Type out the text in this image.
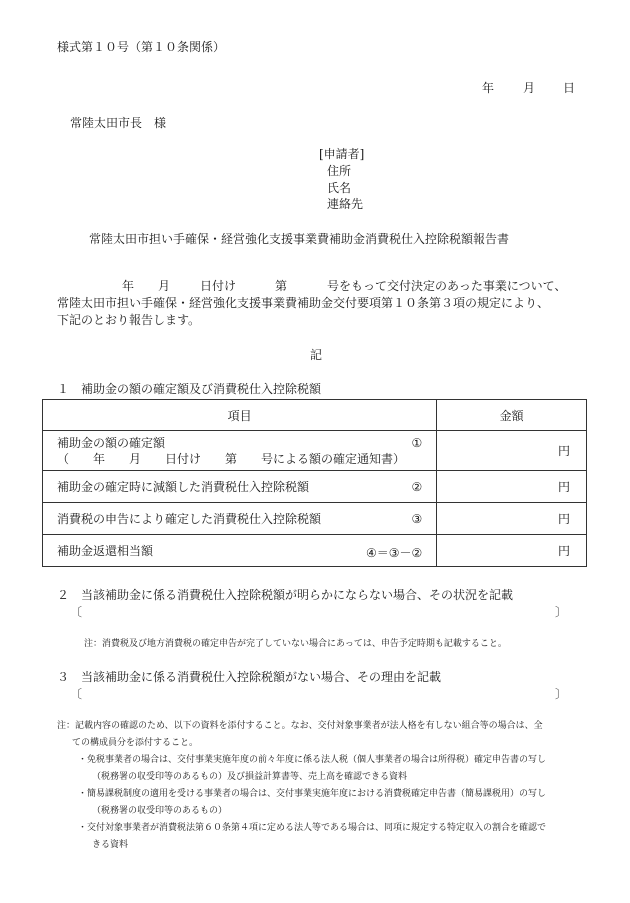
様式第１０号（第１０条関係）
年 月 日
常陸太田市長　様
[申請者]
住所
氏名
連絡先
常陸太田市担い手確保・経営強化支援事業費補助金消費税仕入控除税額報告書
年 月 日付け	第	号をもって交付決定のあった事業について、
常陸太田市担い手確保・経営強化支援事業費補助金交付要項第１０条第３項の規定により、
下記のとおり報告します。
記
１　補助金の額の確定額及び消費税仕入控除税額
項目	金額

補助金の額の確定額 ①
（　　年　　月　　日付け　　第　　号による額の確定通知書）	円
補助金の確定時に減額した消費税仕入控除税額 ②	円
消費税の申告により確定した消費税仕入控除税額 ③	円
補助金返還相当額 ④＝③－②	円
２　当該補助金に係る消費税仕入控除税額が明らかにならない場合、その状況を記載
〔	〕
注：消費税及び地方消費税の確定申告が完了していない場合にあっては、申告予定時期も記載すること。
３　当該補助金に係る消費税仕入控除税額がない場合、その理由を記載
〔	〕
注：記載内容の確認のため、以下の資料を添付すること。なお、交付対象事業者が法人格を有しない組合等の場合は、全
ての構成員分を添付すること。
・免税事業者の場合は、交付事業実施年度の前々年度に係る法人税（個人事業者の場合は所得税）確定申告書の写し
（税務署の収受印等のあるもの）及び損益計算書等、売上高を確認できる資料
・簡易課税制度の適用を受ける事業者の場合は、交付事業実施年度における消費税確定申告書（簡易課税用）の写し
（税務署の収受印等のあるもの）
・交付対象事業者が消費税法第６０条第４項に定める法人等である場合は、同項に規定する特定収入の割合を確認で
きる資料
